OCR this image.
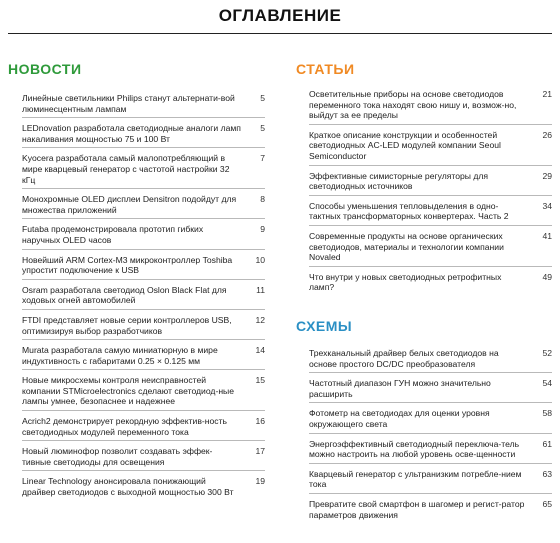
ОГЛАВЛЕНИЕ
НОВОСТИ	СТАТЬИ
СХЕМЫ
Линейные светильники Philips станут альтернати-вой люминесцентным лампам
5
LEDnovation разработала светодиодные аналоги ламп накаливания мощностью 75 и 100 Вт
5
Kyocera разработала самый малопотребляющий в мире кварцевый генератор с частотой настройки 32 кГц
7
Монохромные OLED дисплеи Densitron подойдут для множества приложений
8
Futaba продемонстрировала прототип гибких наручных OLED часов
9
Новейший ARM Cortex-M3 микроконтроллер Toshiba упростит подключение к USB
10
Osram разработала светодиод Oslon Black Flat для ходовых огней автомобилей
11
FTDI представляет новые серии контроллеров USB, оптимизируя выбор разработчиков
12
Murata разработала самую миниатюрную в мире индуктивность с габаритами 0.25 × 0.125 мм
14
Новые микросхемы контроля неисправностей компании STMicroelectronics сделают светодиод-ные лампы умнее, безопаснее и надежнее
15
Acrich2 демонстрирует рекордную эффектив-ность светодиодных модулей переменного тока
16
Новый люминофор позволит создавать эффек-тивные светодиоды для освещения
17
Linear Technology анонсировала понижающий драйвер светодиодов с выходной мощностью 300 Вт
19
Осветительные приборы на основе светодиодов переменного тока находят свою нишу и, возмож-но, выйдут за ее пределы
21
Краткое описание конструкции и особенностей светодиодных AC-LED модулей компании Seoul Semiconductor
26
Эффективные симисторные регуляторы для светодиодных источников
29
Способы уменьшения тепловыделения в одно-тактных трансформаторных конвертерах. Часть 2
34
Современные продукты на основе органических светодиодов, материалы и технологии компании Novaled
41
Что внутри у новых светодиодных ретрофитных ламп?
49
Трехканальный драйвер белых светодиодов на основе простого DC/DC преобразователя
52
Частотный диапазон ГУН можно значительно расширить
54
Фотометр на светодиодах для оценки уровня окружающего света
58
Энергоэффективный светодиодный переключа-тель можно настроить на любой уровень осве-щенности
61
Кварцевый генератор с ультранизким потребле-нием тока
63
Превратите свой смартфон в шагомер и регист-ратор параметров движения
65
